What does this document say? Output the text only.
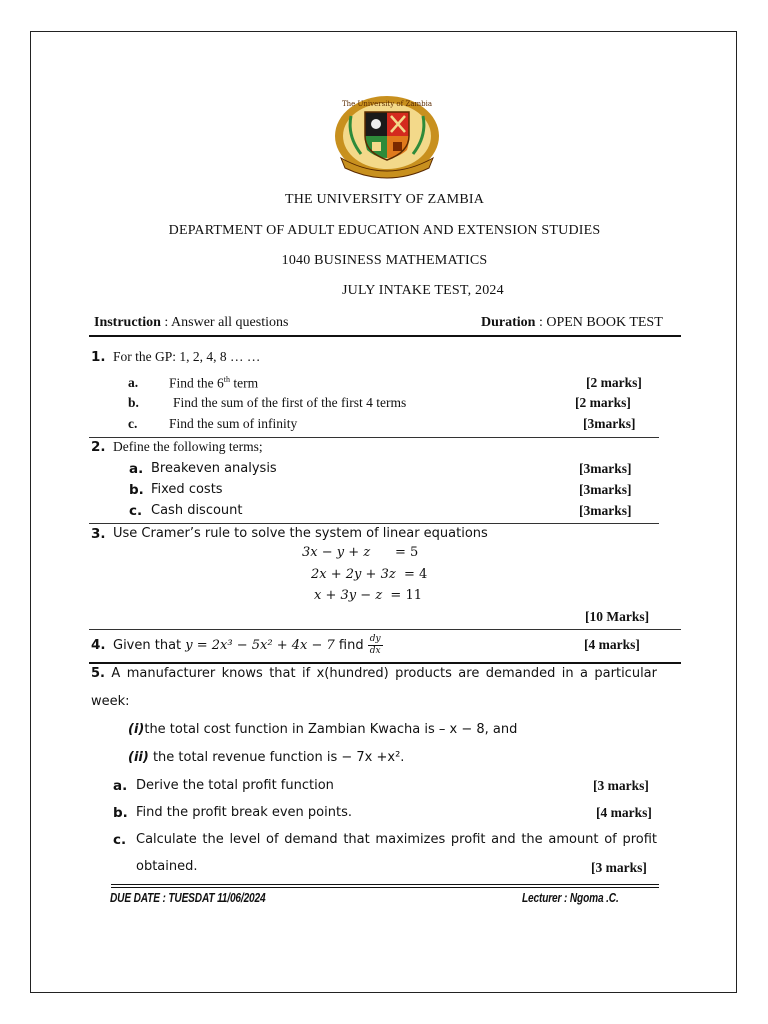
The University of Zambia
THE UNIVERSITY OF ZAMBIA
DEPARTMENT OF ADULT EDUCATION AND EXTENSION STUDIES
1040 BUSINESS MATHEMATICS
JULY INTAKE TEST, 2024
Instruction : Answer all questions	Duration : OPEN BOOK TEST
1. For the GP: 1, 2, 4, 8 … …
a. Find the 6th term	[2 marks]
b.	Find the sum of the first of the first 4 terms	[2 marks]
c. Find the sum of infinity	[3marks]
2. Define the following terms;
a. Breakeven analysis	[3marks]
b. Fixed costs	[3marks]
c. Cash discount	[3marks]
3. Use Cramer’s rule to solve the system of linear equations
3x − y + z      = 5
2x + 2y + 3z  = 4
x + 3y − z  = 11
[10 Marks]
4. Given that y = 2x³ − 5x² + 4x − 7 find $\frac{dy}{dx}$	[4 marks]
5. A manufacturer knows that if x(hundred) products are demanded in a particular
week:
(i)the total cost function in Zambian Kwacha is – x − 8, and
(ii) the total revenue function is − 7x +x².
a. Derive the total profit function	[3 marks]
b. Find the profit break even points.	[4 marks]
c. Calculate the level of demand that maximizes profit and the amount of profit
obtained.	[3 marks]
DUE DATE : TUESDAT 11/06/2024	Lecturer : Ngoma .C.
